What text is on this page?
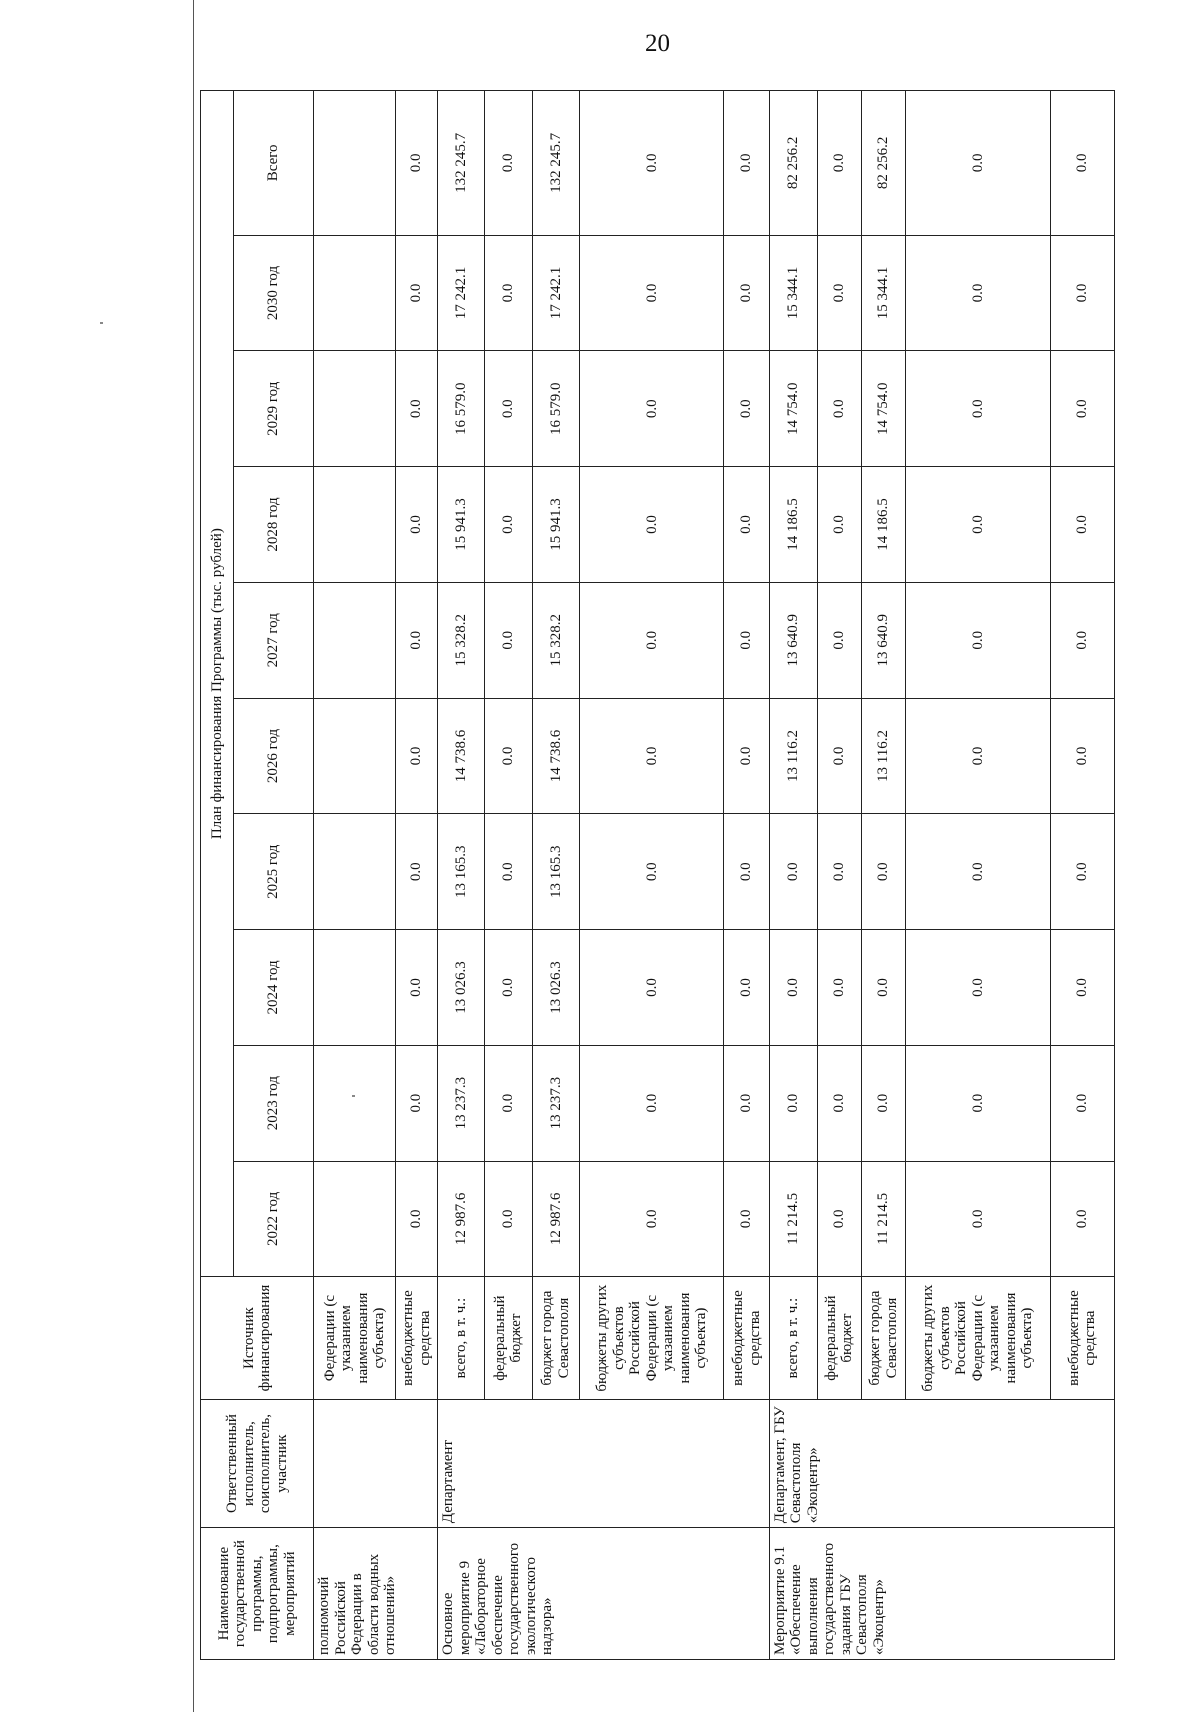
20
Наименование государственной программы, подпрограммы, мероприятий	Ответственный исполнитель, соисполнитель, участник	Источник финансирования	План финансирования Программы (тыс. рублей)									
			2022 год	2023 год	2024 год	2025 год	2026 год	2027 год	2028 год	2029 год	2030 год	Всего
полномочий Российской Федерации в области водных отношений»		Федерации (с указанием наименования субъекта)										
		внебюджетные средства	0.0	0.0	0.0	0.0	0.0	0.0	0.0	0.0	0.0	0.0
Основное мероприятие 9 «Лабораторное обеспечение государственного экологического надзора»	Департамент	всего, в т. ч.:	12 987.6	13 237.3	13 026.3	13 165.3	14 738.6	15 328.2	15 941.3	16 579.0	17 242.1	132 245.7
		федеральный бюджет	0.0	0.0	0.0	0.0	0.0	0.0	0.0	0.0	0.0	0.0
		бюджет города Севастополя	12 987.6	13 237.3	13 026.3	13 165.3	14 738.6	15 328.2	15 941.3	16 579.0	17 242.1	132 245.7
		бюджеты других субъектов Российской Федерации (с указанием наименования субъекта)	0.0	0.0	0.0	0.0	0.0	0.0	0.0	0.0	0.0	0.0
		внебюджетные средства	0.0	0.0	0.0	0.0	0.0	0.0	0.0	0.0	0.0	0.0
Мероприятие 9.1 «Обеспечение выполнения государственного задания ГБУ Севастополя «Экоцентр»	Департамент, ГБУ Севастополя «Экоцентр»	всего, в т. ч.:	11 214.5	0.0	0.0	0.0	13 116.2	13 640.9	14 186.5	14 754.0	15 344.1	82 256.2
		федеральный бюджет	0.0	0.0	0.0	0.0	0.0	0.0	0.0	0.0	0.0	0.0
		бюджет города Севастополя	11 214.5	0.0	0.0	0.0	13 116.2	13 640.9	14 186.5	14 754.0	15 344.1	82 256.2
		бюджеты других субъектов Российской Федерации (с указанием наименования субъекта)	0.0	0.0	0.0	0.0	0.0	0.0	0.0	0.0	0.0	0.0
		внебюджетные средства	0.0	0.0	0.0	0.0	0.0	0.0	0.0	0.0	0.0	0.0
